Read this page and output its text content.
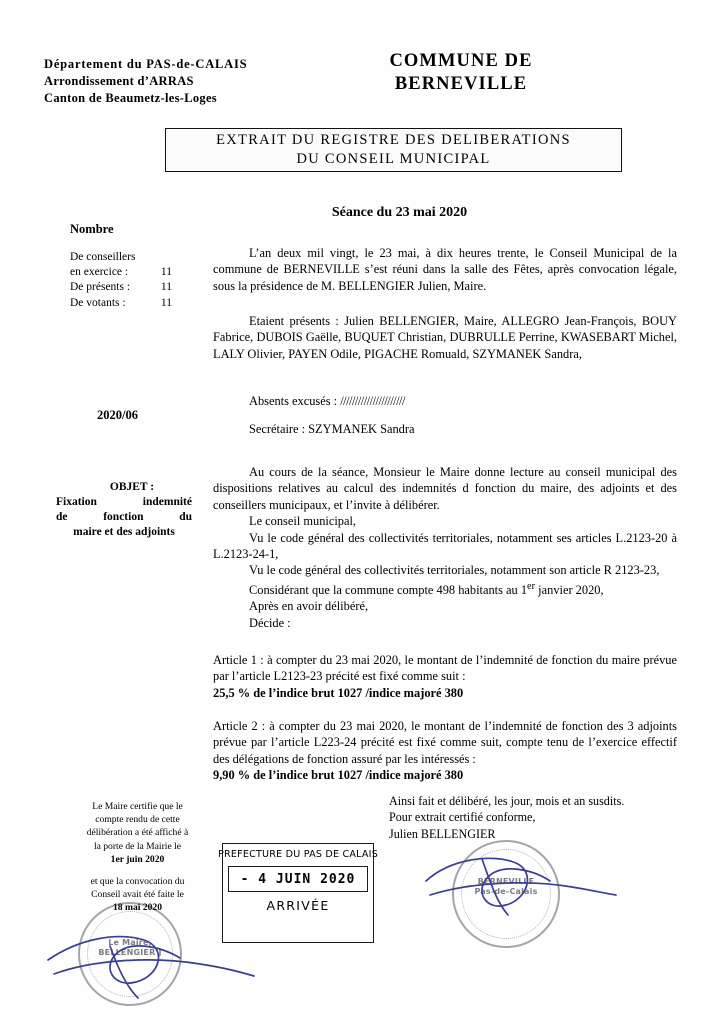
Département du PAS-de-CALAIS
Arrondissement d’ARRAS
Canton de Beaumetz-les-Loges
COMMUNE DE
BERNEVILLE
EXTRAIT DU REGISTRE DES DELIBERATIONS
DU CONSEIL MUNICIPAL
Séance du 23 mai 2020
Nombre
De conseillers
en exercice :	11
De présents :	11
De votants :	11
2020/06
OBJET :
Fixation indemnité
de fonction du
maire et des adjoints

L’an deux mil vingt, le 23 mai, à dix heures trente, le Conseil Municipal de la commune de BERNEVILLE s’est réuni dans la salle des Fêtes, après convocation légale, sous la présidence de M. BELLENGIER Julien, Maire.

Etaient présents : Julien BELLENGIER, Maire, ALLEGRO Jean-François, BOUY Fabrice, DUBOIS Gaëlle, BUQUET Christian, DUBRULLE Perrine, KWASEBART Michel, LALY Olivier, PAYEN Odile, PIGACHE Romuald, SZYMANEK Sandra,

Absents excusés : //////////////////////

Secrétaire : SZYMANEK Sandra

Au cours de la séance, Monsieur le Maire donne lecture au conseil municipal des dispositions relatives au calcul des indemnités d fonction du maire, des adjoints et des conseillers municipaux, et l’invite à délibérer.

Le conseil municipal,

Vu le code général des collectivités territoriales, notamment ses articles L.2123-20 à L.2123-24-1,

Vu le code général des collectivités territoriales, notamment son article R 2123-23,

Considérant que la commune compte 498 habitants au 1er janvier 2020,

Après en avoir délibéré,

Décide :

Article 1 : à compter du 23 mai 2020, le montant de l’indemnité de fonction du maire prévue par l’article L2123-23 précité est fixé comme suit :

25,5 % de l’indice brut 1027 /indice majoré 380

Article 2 : à compter du 23 mai 2020, le montant de l’indemnité de fonction des 3 adjoints prévue par l’article L223-24 précité est fixé comme suit, compte tenu de l’exercice effectif des délégations de fonction assuré par les intéressés :

9,90 % de l’indice brut 1027 /indice majoré 380

Le Maire certifie que le
compte rendu de cette
délibération a été affiché à
la porte de la Mairie le
1er juin 2020
et que la convocation du
Conseil avait été faite le
18 mai 2020
Ainsi fait et délibéré, les jour, mois et an susdits.
Pour extrait certifié conforme,
Julien BELLENGIER
Le Maire,
BELLENGIER J
BERNEVILLE
Pas-de-Calais
PREFECTURE DU PAS DE CALAIS
- 4 JUIN 2020
ARRIVÉE
